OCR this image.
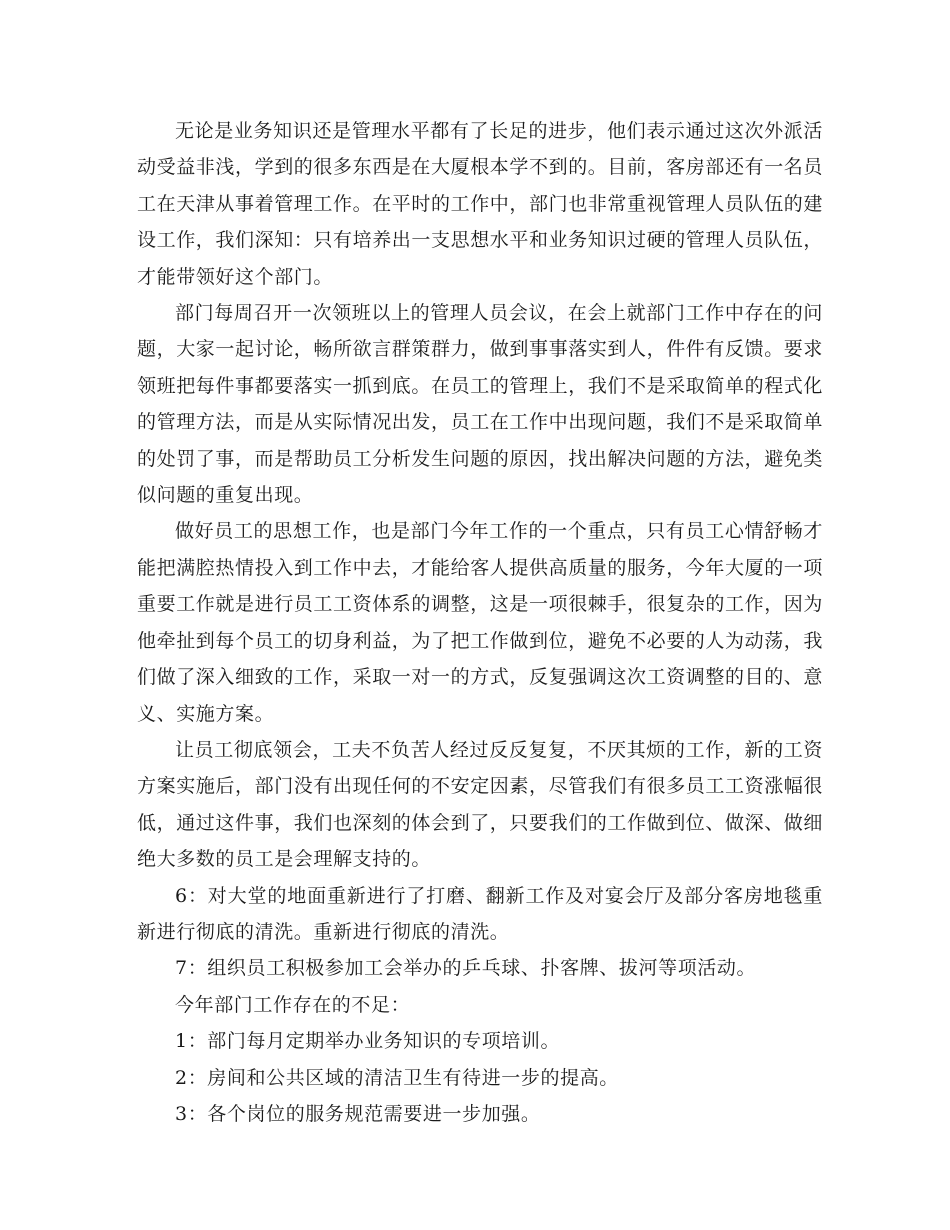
无论是业务知识还是管理水平都有了长足的进步，他们表示通过这次外派活动受益非浅，学到的很多东西是在大厦根本学不到的。目前，客房部还有一名员工在天津从事着管理工作。在平时的工作中，部门也非常重视管理人员队伍的建设工作，我们深知：只有培养出一支思想水平和业务知识过硬的管理人员队伍，才能带领好这个部门。

部门每周召开一次领班以上的管理人员会议，在会上就部门工作中存在的问题，大家一起讨论，畅所欲言群策群力，做到事事落实到人，件件有反馈。要求领班把每件事都要落实一抓到底。在员工的管理上，我们不是采取简单的程式化的管理方法，而是从实际情况出发，员工在工作中出现问题，我们不是采取简单的处罚了事，而是帮助员工分析发生问题的原因，找出解决问题的方法，避免类似问题的重复出现。

做好员工的思想工作，也是部门今年工作的一个重点，只有员工心情舒畅才能把满腔热情投入到工作中去，才能给客人提供高质量的服务，今年大厦的一项重要工作就是进行员工工资体系的调整，这是一项很棘手，很复杂的工作，因为他牵扯到每个员工的切身利益，为了把工作做到位，避免不必要的人为动荡，我们做了深入细致的工作，采取一对一的方式，反复强调这次工资调整的目的、意义、实施方案。

让员工彻底领会，工夫不负苦人经过反反复复，不厌其烦的工作，新的工资方案实施后，部门没有出现任何的不安定因素，尽管我们有很多员工工资涨幅很低，通过这件事，我们也深刻的体会到了，只要我们的工作做到位、做深、做细绝大多数的员工是会理解支持的。

6：对大堂的地面重新进行了打磨、翻新工作及对宴会厅及部分客房地毯重新进行彻底的清洗。重新进行彻底的清洗。

7：组织员工积极参加工会举办的乒乓球、扑客牌、拔河等项活动。

今年部门工作存在的不足：

1：部门每月定期举办业务知识的专项培训。

2：房间和公共区域的清洁卫生有待进一步的提高。

3：各个岗位的服务规范需要进一步加强。
